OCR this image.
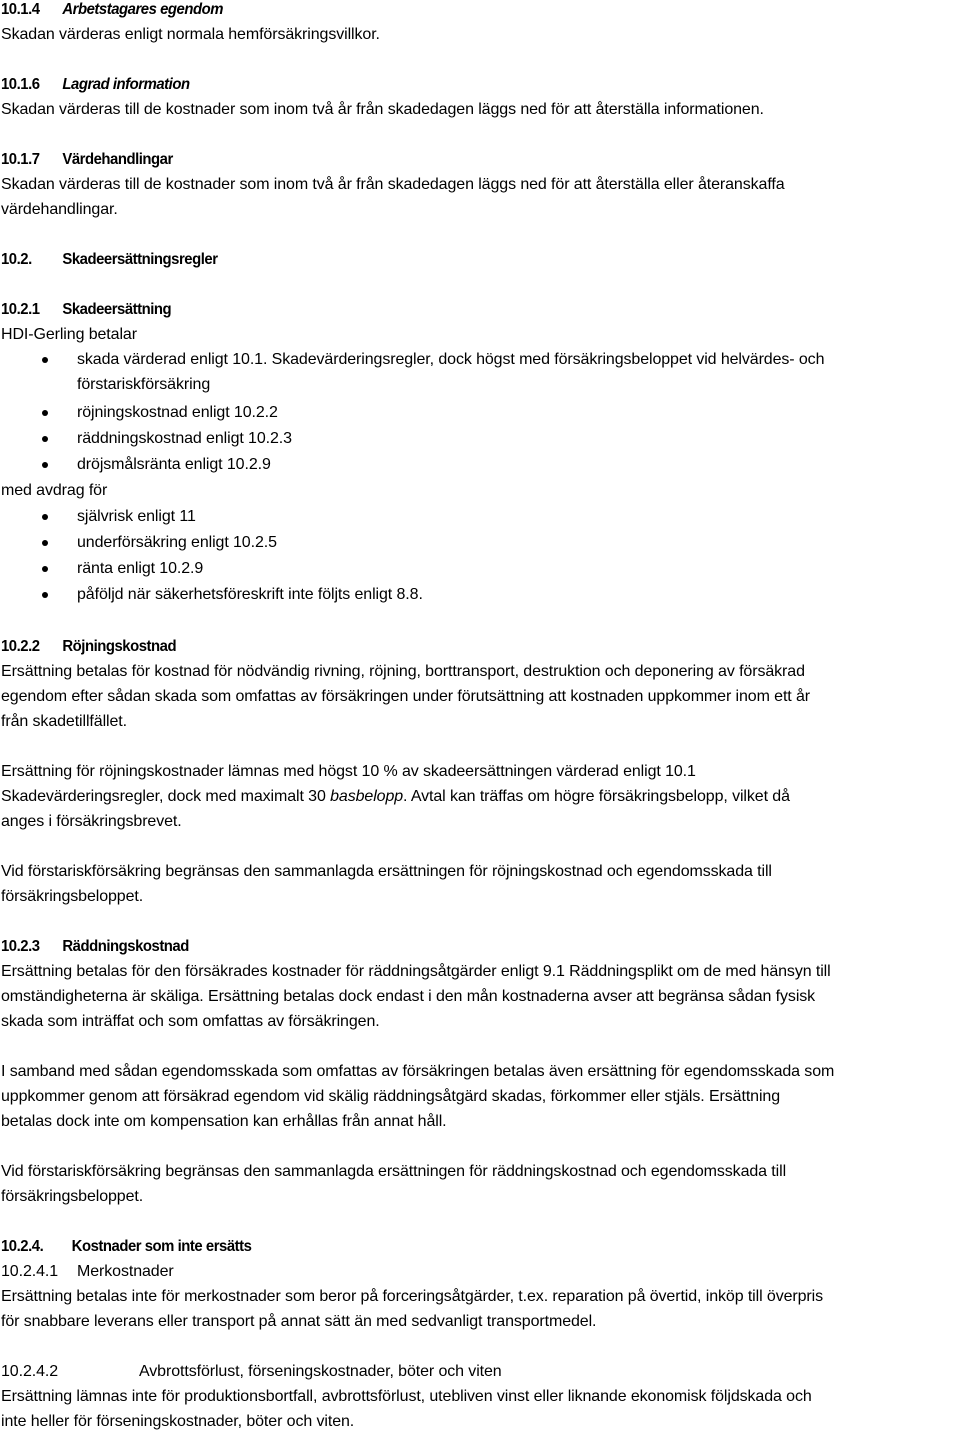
10.1.4 Arbetstagares egendom
Skadan värderas enligt normala hemförsäkringsvillkor.
10.1.6 Lagrad information
Skadan värderas till de kostnader som inom två år från skadedagen läggs ned för att återställa informationen.
10.1.7 Värdehandlingar
Skadan värderas till de kostnader som inom två år från skadedagen läggs ned för att återställa eller återanskaffa
värdehandlingar.
10.2. Skadeersättningsregler
10.2.1 Skadeersättning
HDI-Gerling betalar
skada värderad enligt 10.1. Skadevärderingsregler, dock högst med försäkringsbeloppet vid helvärdes- och
förstariskförsäkring
röjningskostnad enligt 10.2.2
räddningskostnad enligt 10.2.3
dröjsmålsränta enligt 10.2.9
med avdrag för
självrisk enligt 11
underförsäkring enligt 10.2.5
ränta enligt 10.2.9
påföljd när säkerhetsföreskrift inte följts enligt 8.8.
10.2.2 Röjningskostnad
Ersättning betalas för kostnad för nödvändig rivning, röjning, borttransport, destruktion och deponering av försäkrad
egendom efter sådan skada som omfattas av försäkringen under förutsättning att kostnaden uppkommer inom ett år
från skadetillfället.
Ersättning för röjningskostnader lämnas med högst 10 % av skadeersättningen värderad enligt 10.1
Skadevärderingsregler, dock med maximalt 30 basbelopp. Avtal kan träffas om högre försäkringsbelopp, vilket då
anges i försäkringsbrevet.
Vid förstariskförsäkring begränsas den sammanlagda ersättningen för röjningskostnad och egendomsskada till
försäkringsbeloppet.
10.2.3 Räddningskostnad
Ersättning betalas för den försäkrades kostnader för räddningsåtgärder enligt 9.1 Räddningsplikt om de med hänsyn till
omständigheterna är skäliga. Ersättning betalas dock endast i den mån kostnaderna avser att begränsa sådan fysisk
skada som inträffat och som omfattas av försäkringen.
I samband med sådan egendomsskada som omfattas av försäkringen betalas även ersättning för egendomsskada som
uppkommer genom att försäkrad egendom vid skälig räddningsåtgärd skadas, förkommer eller stjäls. Ersättning
betalas dock inte om kompensation kan erhållas från annat håll.
Vid förstariskförsäkring begränsas den sammanlagda ersättningen för räddningskostnad och egendomsskada till
försäkringsbeloppet.
10.2.4. Kostnader som inte ersätts
10.2.4.1 Merkostnader
Ersättning betalas inte för merkostnader som beror på forceringsåtgärder, t.ex. reparation på övertid, inköp till överpris
för snabbare leverans eller transport på annat sätt än med sedvanligt transportmedel.
10.2.4.2	Avbrottsförlust, förseningskostnader, böter och viten
Ersättning lämnas inte för produktionsbortfall, avbrottsförlust, utebliven vinst eller liknande ekonomisk följdskada och
inte heller för förseningskostnader, böter och viten.
